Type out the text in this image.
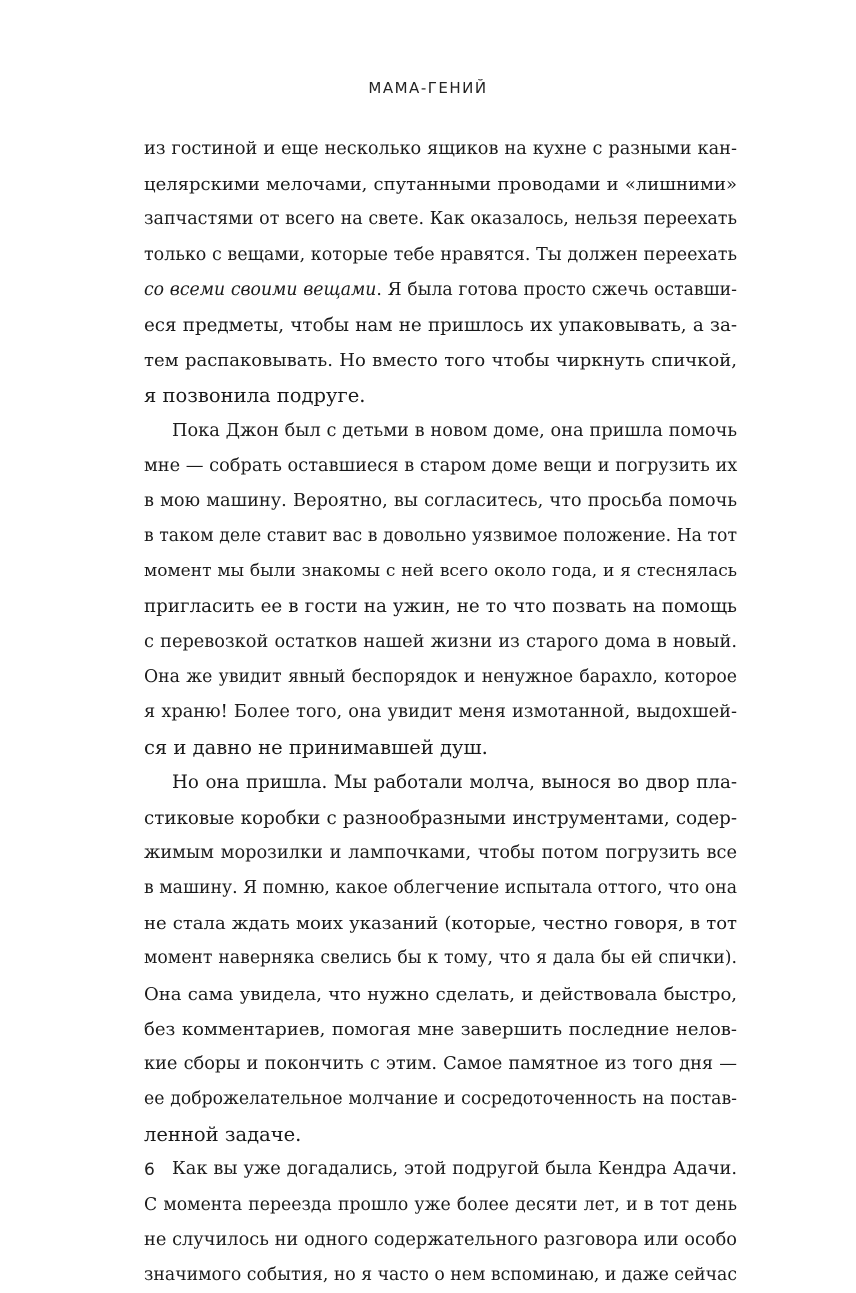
МАМА-ГЕНИЙ
из гостиной и еще несколько ящиков на кухне с разными кан-
целярскими мелочами, спутанными проводами и «лишними»
запчастями от всего на свете. Как оказалось, нельзя переехать
только с вещами, которые тебе нравятся. Ты должен переехать
со всеми своими вещами. Я была готова просто сжечь оставши-
еся предметы, чтобы нам не пришлось их упаковывать, а за-
тем распаковывать. Но вместо того чтобы чиркнуть спичкой,
я позвонила подруге.
Пока Джон был с детьми в новом доме, она пришла помочь
мне — собрать оставшиеся в старом доме вещи и погрузить их
в мою машину. Вероятно, вы согласитесь, что просьба помочь
в таком деле ставит вас в довольно уязвимое положение. На тот
момент мы были знакомы с ней всего около года, и я стеснялась
пригласить ее в гости на ужин, не то что позвать на помощь
с перевозкой остатков нашей жизни из старого дома в новый.
Она же увидит явный беспорядок и ненужное барахло, которое
я храню! Более того, она увидит меня измотанной, выдохшей-
ся и давно не принимавшей душ.
Но она пришла. Мы работали молча, вынося во двор пла-
стиковые коробки с разнообразными инструментами, содер-
жимым морозилки и лампочками, чтобы потом погрузить все
в машину. Я помню, какое облегчение испытала оттого, что она
не стала ждать моих указаний (которые, честно говоря, в тот
момент наверняка свелись бы к тому, что я дала бы ей спички).
Она сама увидела, что нужно сделать, и действовала быстро,
без комментариев, помогая мне завершить последние нелов-
кие сборы и покончить с этим. Самое памятное из того дня —
ее доброжелательное молчание и сосредоточенность на постав-
ленной задаче.
Как вы уже догадались, этой подругой была Кендра Адачи.
С момента переезда прошло уже более десяти лет, и в тот день
не случилось ни одного содержательного разговора или особо
значимого события, но я часто о нем вспоминаю, и даже сейчас
6
